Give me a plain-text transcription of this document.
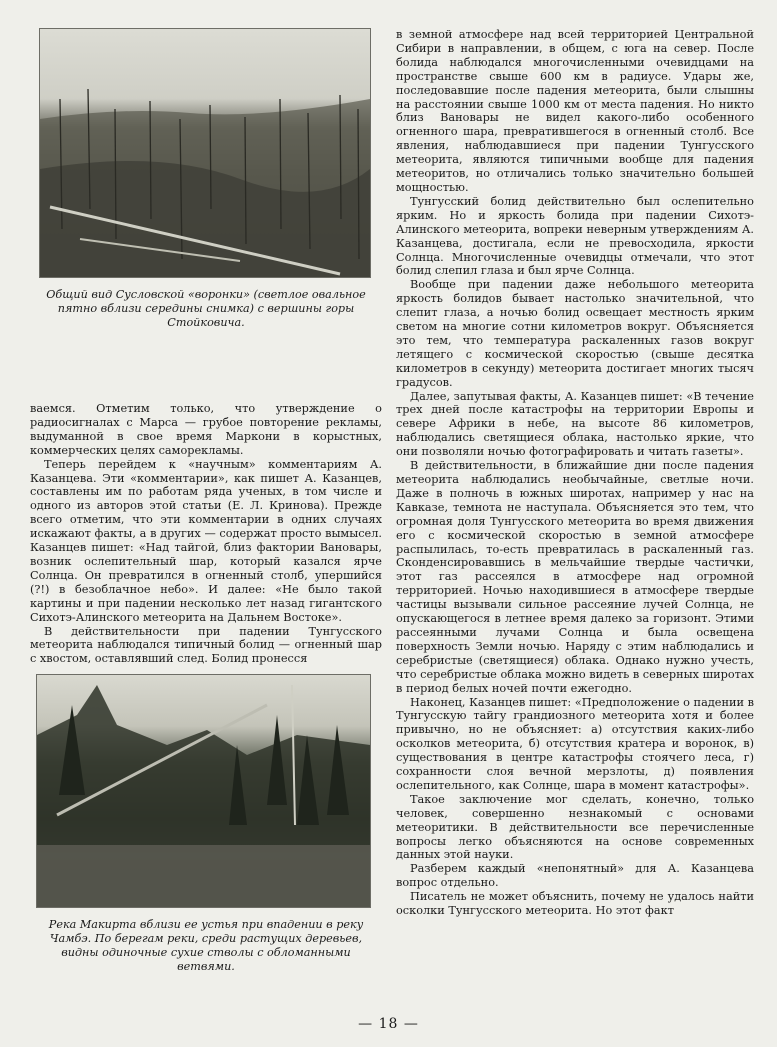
Общий вид Сусловской «воронки» (светлое овальное пятно вблизи середины снимка) с вершины горы Стойковича.

ваемся. Отметим только, что утверждение о радиосигналах с Марса — грубое повторение рекламы, выдуманной в свое время Маркони в корыстных, коммерческих целях саморекламы.

Теперь перейдем к «научным» комментариям А. Казанцева. Эти «комментарии», как пишет А. Казанцев, составлены им по работам ряда ученых, в том числе и одного из авторов этой статьи (Е. Л. Кринова). Прежде всего отметим, что эти комментарии в одних случаях искажают факты, а в других — содержат просто вымысел. Казанцев пишет: «Над тайгой, близ фактории Вановары, возник ослепительный шар, который казался ярче Солнца. Он превратился в огненный столб, упершийся (?!) в безоблачное небо». И далее: «Не было такой картины и при падении несколько лет назад гигантского Сихотэ-Алинского метеорита на Дальнем Востоке».

В действительности при падении Тунгусского метеорита наблюдался типичный болид — огненный шар с хвостом, оставлявший след. Болид пронесся

Река Макирта вблизи ее устья при впадении в реку Чамбэ. По берегам реки, среди растущих деревьев, видны одиночные сухие стволы с обломанными ветвями.

в земной атмосфере над всей территорией Центральной Сибири в направлении, в общем, с юга на север. После болида наблюдался многочисленными очевидцами на пространстве свыше 600 км в радиусе. Удары же, последовавшие после падения метеорита, были слышны на расстоянии свыше 1000 км от места падения. Но никто близ Вановары не видел какого-либо особенного огненного шара, превратившегося в огненный столб. Все явления, наблюдавшиеся при падении Тунгусского метеорита, являются типичными вообще для падения метеоритов, но отличались только значительно большей мощностью.

Тунгусский болид действительно был ослепительно ярким. Но и яркость болида при падении Сихотэ-Алинского метеорита, вопреки неверным утверждениям А. Казанцева, достигала, если не превосходила, яркости Солнца. Многочисленные очевидцы отмечали, что этот болид слепил глаза и был ярче Солнца.

Вообще при падении даже небольшого метеорита яркость болидов бывает настолько значительной, что слепит глаза, а ночью болид освещает местность ярким светом на многие сотни километров вокруг. Объясняется это тем, что температура раскаленных газов вокруг летящего с космической скоростью (свыше десятка километров в секунду) метеорита достигает многих тысяч градусов.

Далее, запутывая факты, А. Казанцев пишет: «В течение трех дней после катастрофы на территории Европы и севере Африки в небе, на высоте 86 километров, наблюдались светящиеся облака, настолько яркие, что они позволяли ночью фотографировать и читать газеты».

В действительности, в ближайшие дни после падения метеорита наблюдались необычайные, светлые ночи. Даже в полночь в южных широтах, например у нас на Кавказе, темнота не наступала. Объясняется это тем, что огромная доля Тунгусского метеорита во время движения его с космической скоростью в земной атмосфере распылилась, то-есть превратилась в раскаленный газ. Сконденсировавшись в мельчайшие твердые частички, этот газ рассеялся в атмосфере над огромной территорией. Ночью находившиеся в атмосфере твердые частицы вызывали сильное рассеяние лучей Солнца, не опускающегося в летнее время далеко за горизонт. Этими рассеянными лучами Солнца и была освещена поверхность Земли ночью. Наряду с этим наблюдались и серебристые (светящиеся) облака. Однако нужно учесть, что серебристые облака можно видеть в северных широтах в период белых ночей почти ежегодно.

Наконец, Казанцев пишет: «Предположение о падении в Тунгусскую тайгу грандиозного метеорита хотя и более привычно, но не объясняет: а) отсутствия каких-либо осколков метеорита, б) отсутствия кратера и воронок, в) существования в центре катастрофы стоячего леса, г) сохранности слоя вечной мерзлоты, д) появления ослепительного, как Солнце, шара в момент катастрофы».

Такое заключение мог сделать, конечно, только человек, совершенно незнакомый с основами метеоритики. В действительности все перечисленные вопросы легко объясняются на основе современных данных этой науки.

Разберем каждый «непонятный» для А. Казанцева вопрос отдельно.

Писатель не может объяснить, почему не удалось найти осколки Тунгусского метеорита. Но этот факт

— 18 —
